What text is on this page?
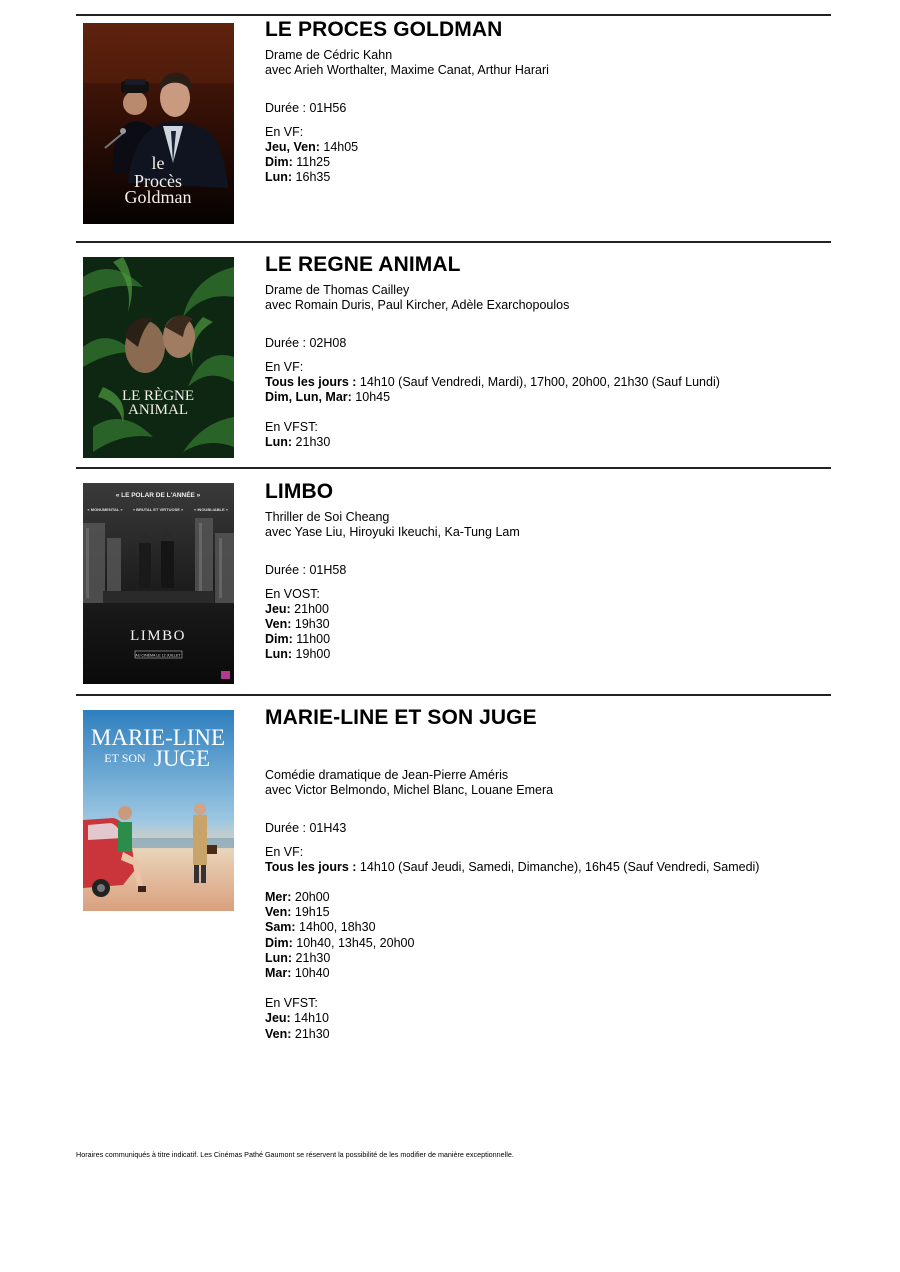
le
Procès
Goldman

LE PROCES GOLDMAN

Drame de Cédric Kahn

avec Arieh Worthalter, Maxime Canat, Arthur Harari

Durée : 01H56

En VF:

Jeu, Ven: 14h05

Dim: 11h25

Lun: 16h35

LE RÈGNE
ANIMAL

LE REGNE ANIMAL

Drame de Thomas Cailley

avec Romain Duris, Paul Kircher, Adèle Exarchopoulos

Durée : 02H08

En VF:

Tous les jours : 14h10 (Sauf Vendredi, Mardi), 17h00, 20h00, 21h30 (Sauf Lundi)

Dim, Lun, Mar: 10h45

En VFST:

Lun: 21h30

« LE POLAR DE L'ANNÉE »
« MONUMENTAL »	« BRUTAL ET VIRTUOSE »	« INOUBLIABLE »
LIMBO
AU CINÉMA LE 12 JUILLET

LIMBO

Thriller de Soi Cheang

avec Yase Liu, Hiroyuki Ikeuchi, Ka-Tung Lam

Durée : 01H58

En VOST:

Jeu: 21h00

Ven: 19h30

Dim: 11h00

Lun: 19h00

MARIE-LINE
ET SON JUGE

MARIE-LINE ET SON JUGE

Comédie dramatique de Jean-Pierre Améris

avec Victor Belmondo, Michel Blanc, Louane Emera

Durée : 01H43

En VF:

Tous les jours : 14h10 (Sauf Jeudi, Samedi, Dimanche), 16h45 (Sauf Vendredi, Samedi)

Mer: 20h00

Ven: 19h15

Sam: 14h00, 18h30

Dim: 10h40, 13h45, 20h00

Lun: 21h30

Mar: 10h40

En VFST:

Jeu: 14h10

Ven: 21h30

Horaires communiqués à titre indicatif. Les Cinémas Pathé Gaumont se réservent la possibilité de les modifier de manière exceptionnelle.
